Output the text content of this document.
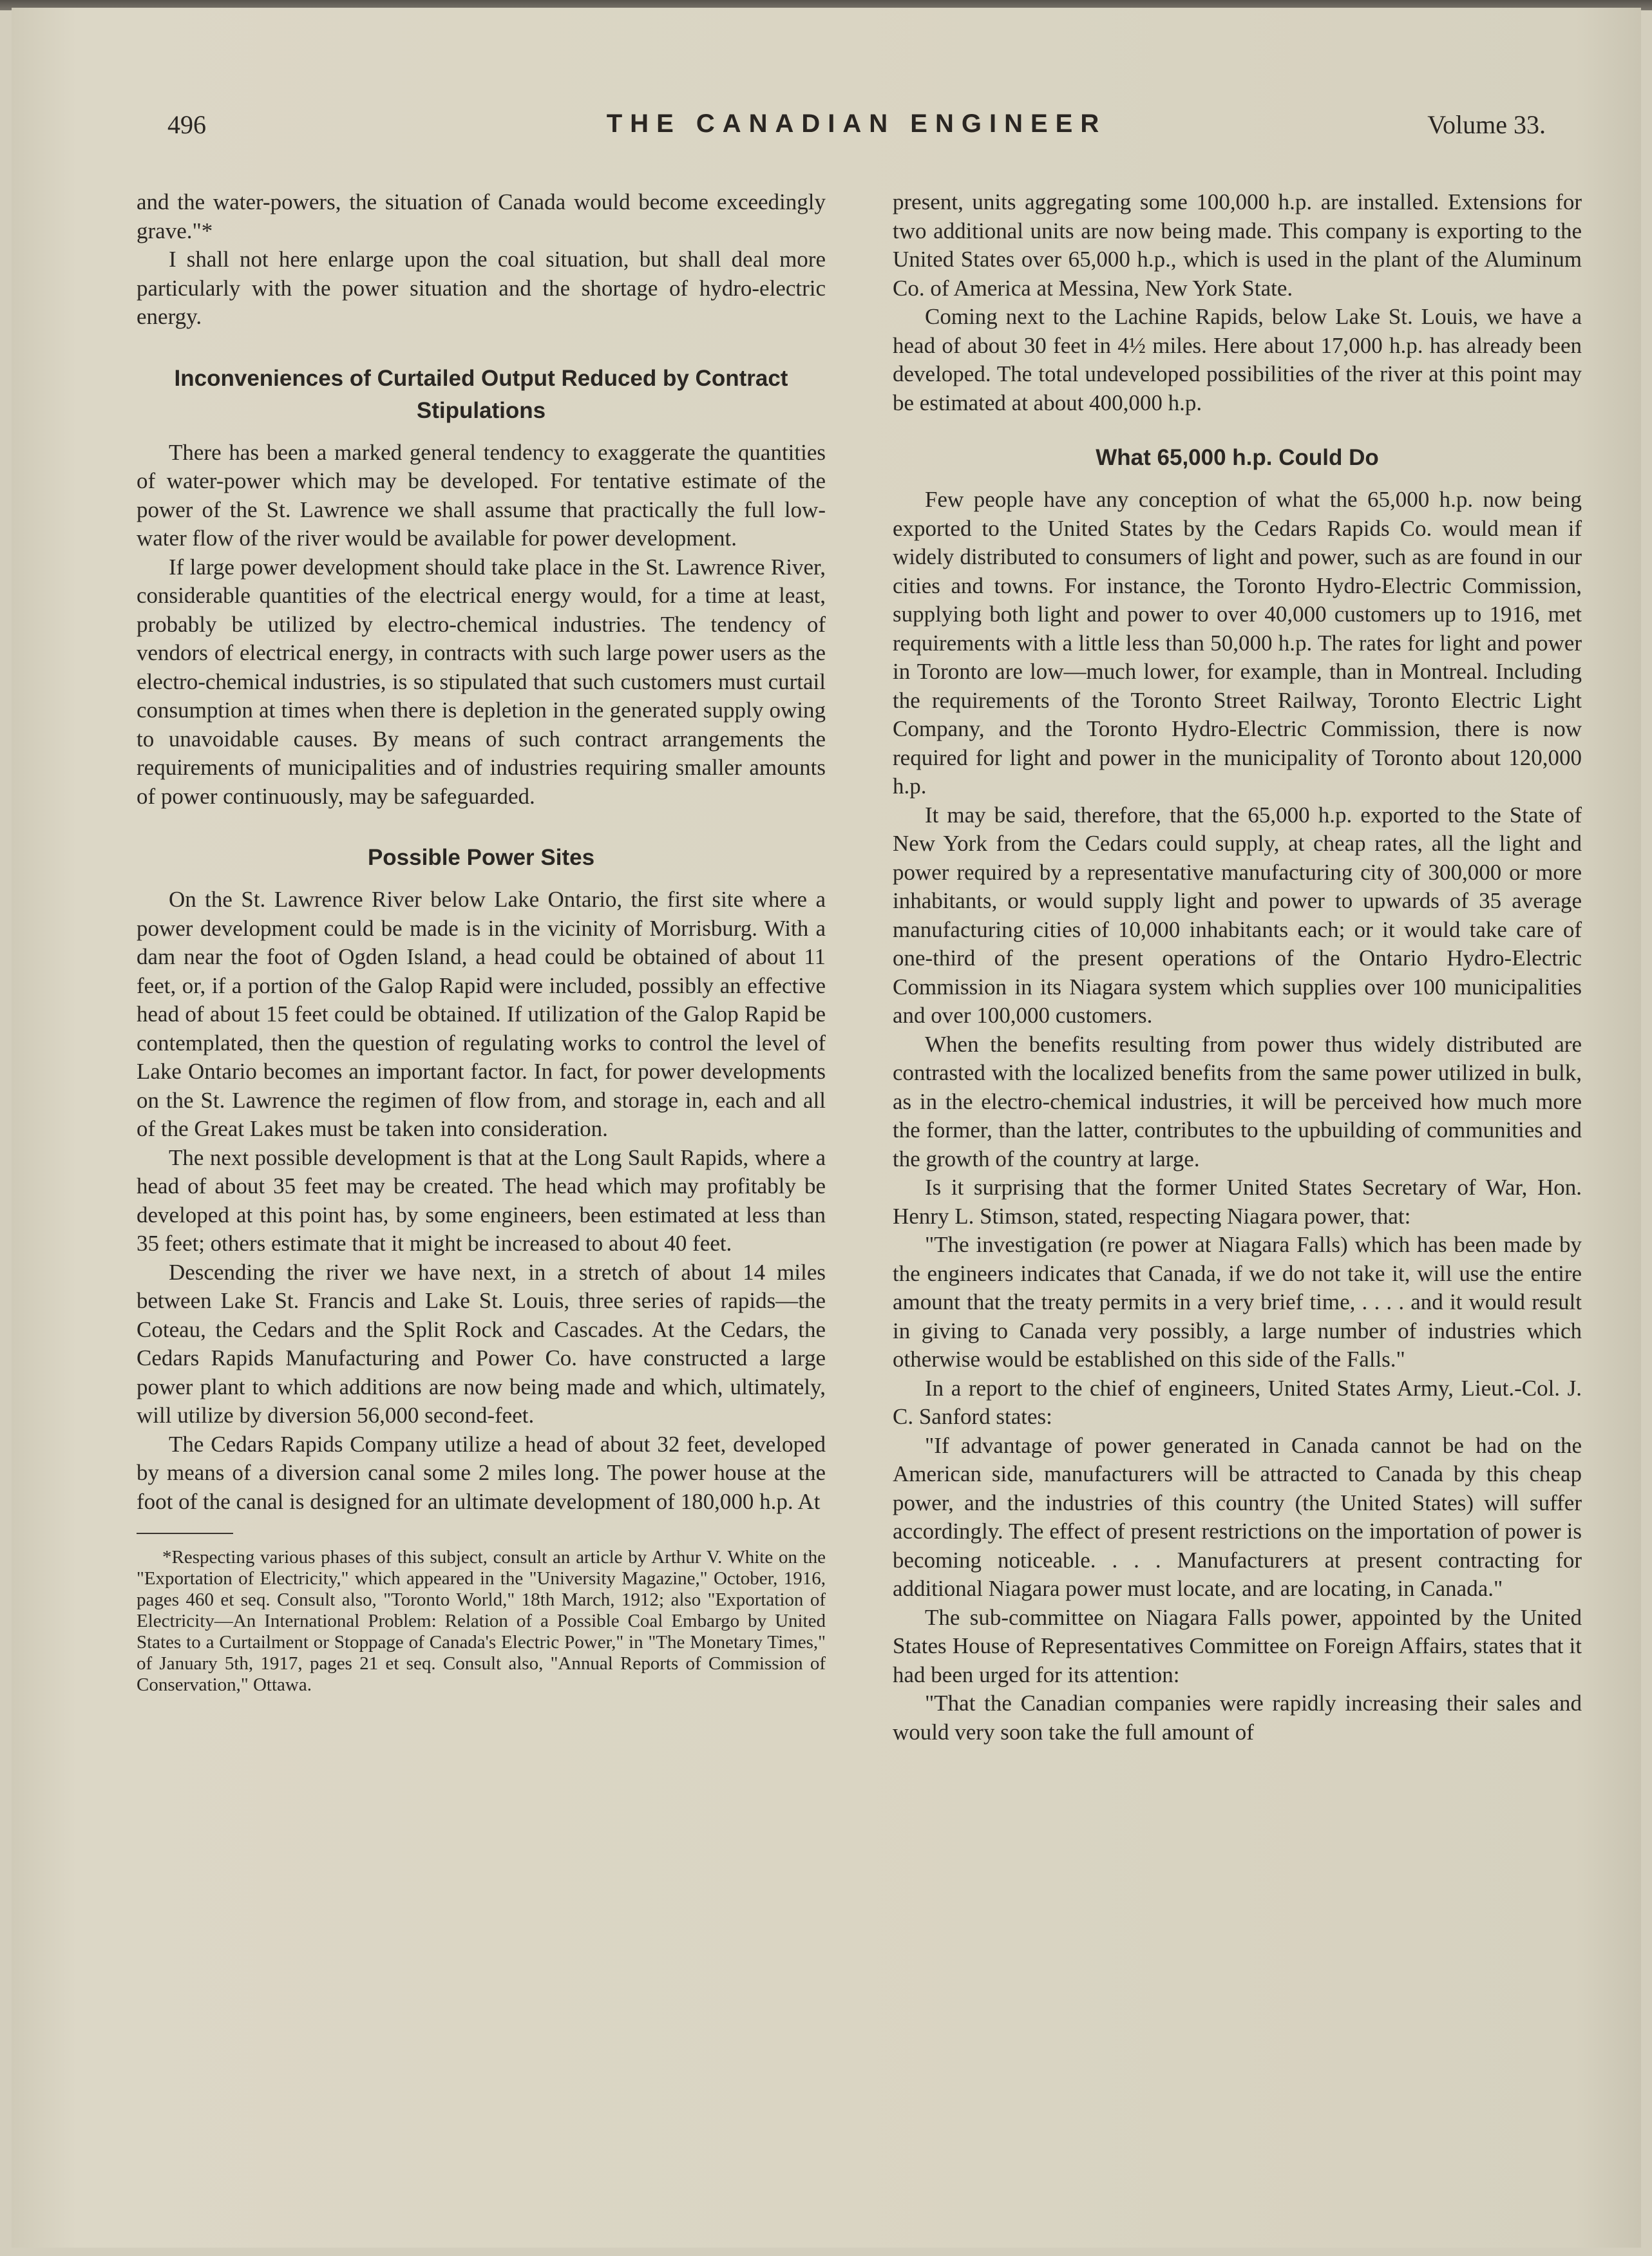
496	THE CANADIAN ENGINEER	Volume 33.

and the water-powers, the situation of Canada would become exceedingly grave."*

I shall not here enlarge upon the coal situation, but shall deal more particularly with the power situation and the shortage of hydro-electric energy.

Inconveniences of Curtailed Output Reduced by Contract Stipulations

There has been a marked general tendency to exaggerate the quantities of water-power which may be developed. For tentative estimate of the power of the St. Lawrence we shall assume that practically the full low-water flow of the river would be available for power development.

If large power development should take place in the St. Lawrence River, considerable quantities of the electrical energy would, for a time at least, probably be utilized by electro-chemical industries. The tendency of vendors of electrical energy, in contracts with such large power users as the electro-chemical industries, is so stipulated that such customers must curtail consumption at times when there is depletion in the generated supply owing to unavoidable causes. By means of such contract arrangements the requirements of municipalities and of industries requiring smaller amounts of power continuously, may be safeguarded.

Possible Power Sites

On the St. Lawrence River below Lake Ontario, the first site where a power development could be made is in the vicinity of Morrisburg. With a dam near the foot of Ogden Island, a head could be obtained of about 11 feet, or, if a portion of the Galop Rapid were included, possibly an effective head of about 15 feet could be obtained. If utilization of the Galop Rapid be contemplated, then the question of regulating works to control the level of Lake Ontario becomes an important factor. In fact, for power developments on the St. Lawrence the regimen of flow from, and storage in, each and all of the Great Lakes must be taken into consideration.

The next possible development is that at the Long Sault Rapids, where a head of about 35 feet may be created. The head which may profitably be developed at this point has, by some engineers, been estimated at less than 35 feet; others estimate that it might be increased to about 40 feet.

Descending the river we have next, in a stretch of about 14 miles between Lake St. Francis and Lake St. Louis, three series of rapids—the Coteau, the Cedars and the Split Rock and Cascades. At the Cedars, the Cedars Rapids Manufacturing and Power Co. have constructed a large power plant to which additions are now being made and which, ultimately, will utilize by diversion 56,000 second-feet.

The Cedars Rapids Company utilize a head of about 32 feet, developed by means of a diversion canal some 2 miles long. The power house at the foot of the canal is designed for an ultimate development of 180,000 h.p. At

*Respecting various phases of this subject, consult an article by Arthur V. White on the "Exportation of Electricity," which appeared in the "University Magazine," October, 1916, pages 460 et seq. Consult also, "Toronto World," 18th March, 1912; also "Exportation of Electricity—An International Problem: Relation of a Possible Coal Embargo by United States to a Curtailment or Stoppage of Canada's Electric Power," in "The Monetary Times," of January 5th, 1917, pages 21 et seq. Consult also, "Annual Reports of Commission of Conservation," Ottawa.

present, units aggregating some 100,000 h.p. are installed. Extensions for two additional units are now being made. This company is exporting to the United States over 65,000 h.p., which is used in the plant of the Aluminum Co. of America at Messina, New York State.

Coming next to the Lachine Rapids, below Lake St. Louis, we have a head of about 30 feet in 4½ miles. Here about 17,000 h.p. has already been developed. The total undeveloped possibilities of the river at this point may be estimated at about 400,000 h.p.

What 65,000 h.p. Could Do

Few people have any conception of what the 65,000 h.p. now being exported to the United States by the Cedars Rapids Co. would mean if widely distributed to consumers of light and power, such as are found in our cities and towns. For instance, the Toronto Hydro-Electric Commission, supplying both light and power to over 40,000 customers up to 1916, met requirements with a little less than 50,000 h.p. The rates for light and power in Toronto are low—much lower, for example, than in Montreal. Including the requirements of the Toronto Street Railway, Toronto Electric Light Company, and the Toronto Hydro-Electric Commission, there is now required for light and power in the municipality of Toronto about 120,000 h.p.

It may be said, therefore, that the 65,000 h.p. exported to the State of New York from the Cedars could supply, at cheap rates, all the light and power required by a representative manufacturing city of 300,000 or more inhabitants, or would supply light and power to upwards of 35 average manufacturing cities of 10,000 inhabitants each; or it would take care of one-third of the present operations of the Ontario Hydro-Electric Commission in its Niagara system which supplies over 100 municipalities and over 100,000 customers.

When the benefits resulting from power thus widely distributed are contrasted with the localized benefits from the same power utilized in bulk, as in the electro-chemical industries, it will be perceived how much more the former, than the latter, contributes to the upbuilding of communities and the growth of the country at large.

Is it surprising that the former United States Secretary of War, Hon. Henry L. Stimson, stated, respecting Niagara power, that:

"The investigation (re power at Niagara Falls) which has been made by the engineers indicates that Canada, if we do not take it, will use the entire amount that the treaty permits in a very brief time, . . . . and it would result in giving to Canada very possibly, a large number of industries which otherwise would be established on this side of the Falls."

In a report to the chief of engineers, United States Army, Lieut.-Col. J. C. Sanford states:

"If advantage of power generated in Canada cannot be had on the American side, manufacturers will be attracted to Canada by this cheap power, and the industries of this country (the United States) will suffer accordingly. The effect of present restrictions on the importation of power is becoming noticeable. . . . Manufacturers at present contracting for additional Niagara power must locate, and are locating, in Canada."

The sub-committee on Niagara Falls power, appointed by the United States House of Representatives Committee on Foreign Affairs, states that it had been urged for its attention:

"That the Canadian companies were rapidly increasing their sales and would very soon take the full amount of
